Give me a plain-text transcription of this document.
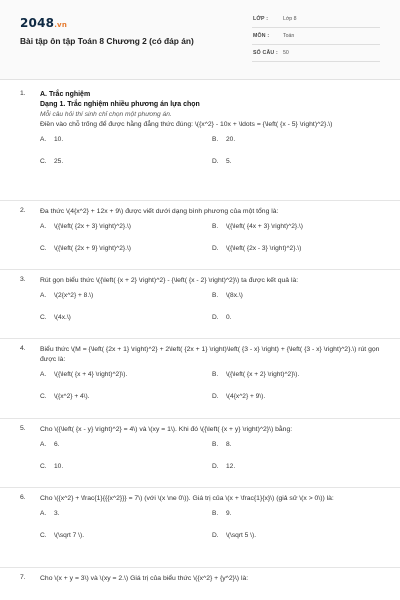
2048.vn
Bài tập ôn tập Toán 8 Chương 2 (có đáp án)
LỚP :	Lớp 8
MÔN :	Toán
SỐ CÂU : 50
1. A. Trắc nghiệm
Dạng 1. Trắc nghiệm nhiều phương án lựa chọn
Mỗi câu hỏi thí sinh chỉ chọn một phương án.
Điền vào chỗ trống để được hằng đẳng thức đúng: \({x^2} - 10x + \ldots = {\left( {x - 5} \right)^2}.\)
A. 10.	B. 20.
C. 25.	D. 5.
2. Đa thức \(4{x^2} + 12x + 9\) được viết dưới dạng bình phương của một tổng là:
A. \({\left( {2x + 3} \right)^2}.\)	B. \({\left( {4x + 3} \right)^2}.\)
C. \({\left( {2x + 9} \right)^2}.\)	D. \({\left( {2x - 3} \right)^2}.\)
3. Rút gọn biểu thức \({\left( {x + 2} \right)^2} - {\left( {x - 2} \right)^2}\) ta được kết quả là:
A. \(2{x^2} + 8.\)	B. \(8x.\)
C. \(4x.\)	D. 0.
4. Biểu thức \(M = {\left( {2x + 1} \right)^2} + 2\left( {2x + 1} \right)\left( {3 - x} \right) + {\left( {3 - x} \right)^2}.\) rút gọn được là:
A. \({\left( {x + 4} \right)^2}\).	B. \({\left( {x + 2} \right)^2}\).
C. \({x^2} + 4\).	D. \(4{x^2} + 9\).
5. Cho \({\left( {x - y} \right)^2} = 4\) và \(xy = 1\). Khi đó \({\left( {x + y} \right)^2}\) bằng:
A. 6.	B. 8.
C. 10.	D. 12.
6. Cho \({x^2} + \frac{1}{{{x^2}}} = 7\) (với \(x \ne 0\)). Giá trị của \(x + \frac{1}{x}\) (giả sử \(x > 0\)) là:
A. 3.	B. 9.
C. \(\sqrt 7 \).	D. \(\sqrt 5 \).
7. Cho \(x + y = 3\) và \(xy = 2.\) Giá trị của biểu thức \({x^2} + {y^2}\) là:
